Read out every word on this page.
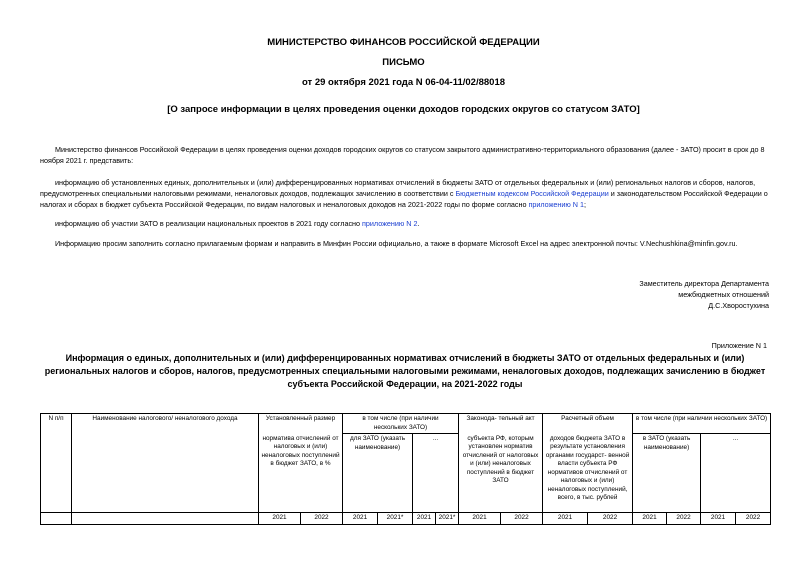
МИНИСТЕРСТВО ФИНАНСОВ РОССИЙСКОЙ ФЕДЕРАЦИИ
ПИСЬМО
от 29 октября 2021 года N 06-04-11/02/88018
[О запросе информации в целях проведения оценки доходов городских округов со статусом ЗАТО]
Министерство финансов Российской Федерации в целях проведения оценки доходов городских округов со статусом закрытого административно-территориального образования (далее - ЗАТО) просит в срок до 8 ноября 2021 г. представить:
информацию об установленных единых, дополнительных и (или) дифференцированных нормативах отчислений в бюджеты ЗАТО от отдельных федеральных и (или) региональных налогов и сборов, налогов, предусмотренных специальными налоговыми режимами, неналоговых доходов, подлежащих зачислению в соответствии с Бюджетным кодексом Российской Федерации и законодательством Российской Федерации о налогах и сборах в бюджет субъекта Российской Федерации, по видам налоговых и неналоговых доходов на 2021-2022 годы по форме согласно приложению N 1;
информацию об участии ЗАТО в реализации национальных проектов в 2021 году согласно приложению N 2.
Информацию просим заполнить согласно прилагаемым формам и направить в Минфин России официально, а также в формате Microsoft Excel на адрес электронной почты: V.Nechushkina@minfin.gov.ru.
Заместитель директора Департамента
межбюджетных отношений
Д.С.Хворостухина
Приложение N 1
Информация о единых, дополнительных и (или) дифференцированных нормативах отчислений в бюджеты ЗАТО от отдельных федеральных и (или) региональных налогов и сборов, налогов, предусмотренных специальными налоговыми режимами, неналоговых доходов, подлежащих зачислению в бюджет субъекта Российской Федерации, на 2021-2022 годы
N п/п	Наименование налогового/ неналогового дохода	Установленный размер		в том числе (при наличии нескольких ЗАТО)				Законода- тельный акт		Расчетный объем		в том числе (при наличии нескольких ЗАТО)			
		норматива отчислений от налоговых и (или) неналоговых поступлений в бюджет ЗАТО, в %		для ЗАТО (указать наименование)		...		субъекта РФ, которым установлен норматив отчислений от налоговых и (или) неналоговых поступлений в бюджет ЗАТО		доходов бюджета ЗАТО в результате установления органами государст- венной власти субъекта РФ нормативов отчислений от налоговых и (или) неналоговых поступлений, всего, в тыс. рублей		в ЗАТО (указать наименование)		...	
		2021	2022	2021	2021*	2021	2021*	2021	2022	2021	2022	2021	2022	2021	2022
